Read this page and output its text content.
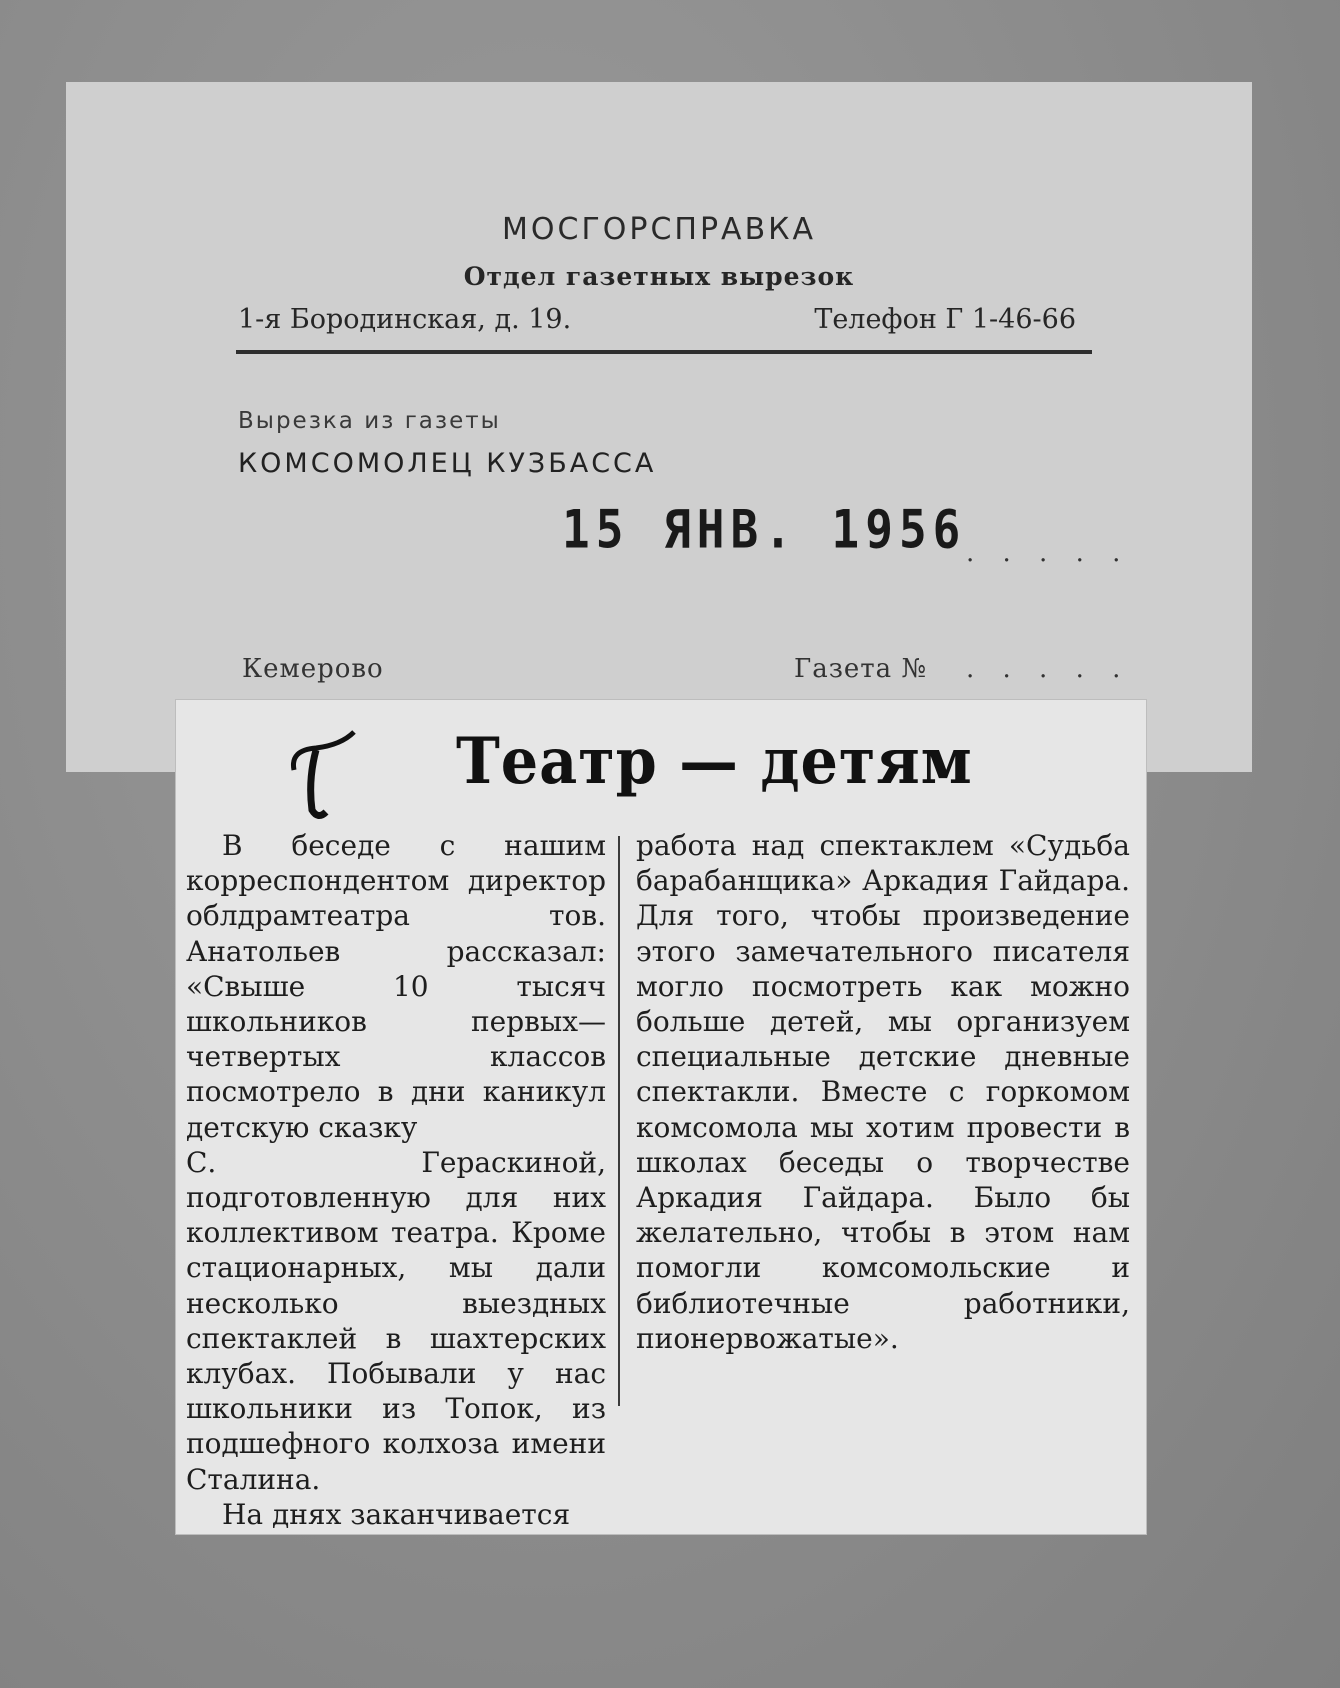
МОСГОРСПРАВКА
Отдел газетных вырезок
1-я Бородинская, д. 19.	Телефон Г 1-46-66
Вырезка из газеты
КОМСОМОЛЕЦ КУЗБАССА
15 ЯНВ. 1956 . . . . .
Кемерово	Газета № . . . . .
Театр — детям

В беседе с нашим корреспондентом директор облдрамтеатра тов. Анатольев рассказал: «Свыше 10 тысяч школьников первых—четвертых классов посмотрело в дни каникул детскую сказку

С. Гераскиной, подготовленную для них коллективом театра. Кроме стационарных, мы дали несколько выездных спектаклей в шахтерских клубах. Побывали у нас школьники из Топок, из подшефного колхоза имени Сталина.

На днях заканчивается

работа над спектаклем «Судьба барабанщика» Аркадия Гайдара. Для того, чтобы произведение этого замечательного писателя могло посмотреть как можно больше детей, мы организуем специальные детские дневные спектакли. Вместе с горкомом комсомола мы хотим провести в школах беседы о творчестве Аркадия Гайдара. Было бы желательно, чтобы в этом нам помогли комсомольские и библиотечные работники, пионервожатые».
